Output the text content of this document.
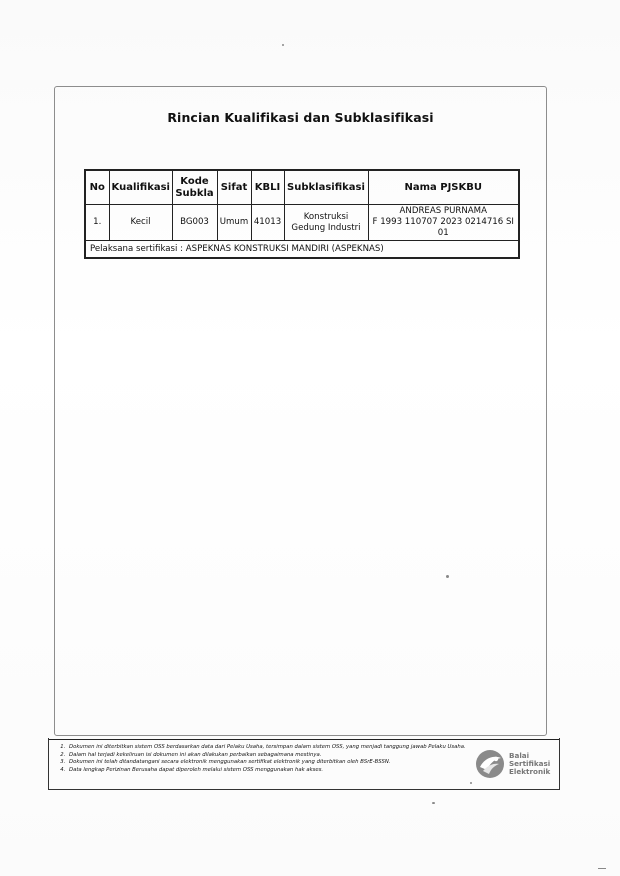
Rincian Kualifikasi dan Subklasifikasi
No	Kualifikasi	Kode Subkla	Sifat	KBLI	Subklasifikasi	Nama PJSKBU
1.	Kecil	BG003	Umum	41013	Konstruksi Gedung Industri	ANDREAS PURNAMA
F 1993 110707 2023 0214716 SI 01

Pelaksana sertifikasi : ASPEKNAS KONSTRUKSI MANDIRI (ASPEKNAS)						
1. Dokumen ini diterbitkan sistem OSS berdasarkan data dari Pelaku Usaha, tersimpan dalam sistem OSS, yang menjadi tanggung jawab Pelaku Usaha.
2. Dalam hal terjadi kekeliruan isi dokumen ini akan dilakukan perbaikan sebagaimana mestinya.
3. Dokumen ini telah ditandatangani secara elektronik menggunakan sertifikat elektronik yang diterbitkan oleh BSrE-BSSN.
4. Data lengkap Perizinan Berusaha dapat diperoleh melalui sistem OSS menggunakan hak akses.
Balai
Sertifikasi
Elektronik
